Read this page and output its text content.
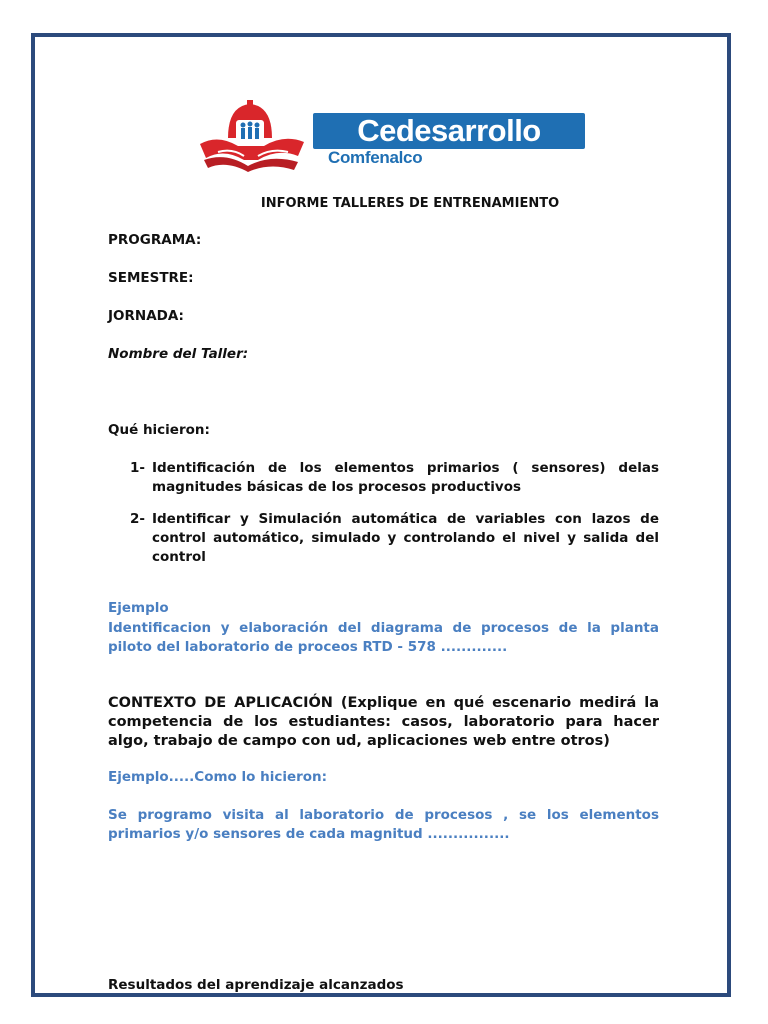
Cedesarrollo
Comfenalco
INFORME TALLERES DE ENTRENAMIENTO
PROGRAMA:
SEMESTRE:
JORNADA:
Nombre del Taller:
Qué hicieron:
1- Identificación de los elementos primarios ( sensores) delas magnitudes básicas de los procesos productivos
2- Identificar y Simulación automática de variables con lazos de control automático, simulado y controlando el nivel y salida del control
Ejemplo
Identificacion y elaboración del diagrama de procesos de la planta piloto del laboratorio de proceos RTD - 578 .............
CONTEXTO DE APLICACIÓN (Explique en qué escenario medirá la competencia de los estudiantes: casos, laboratorio para hacer algo, trabajo de campo con ud, aplicaciones web entre otros)
Ejemplo.....Como lo hicieron:
Se programo visita al laboratorio de procesos , se los elementos primarios y/o sensores de cada magnitud ................
Resultados del aprendizaje alcanzados
